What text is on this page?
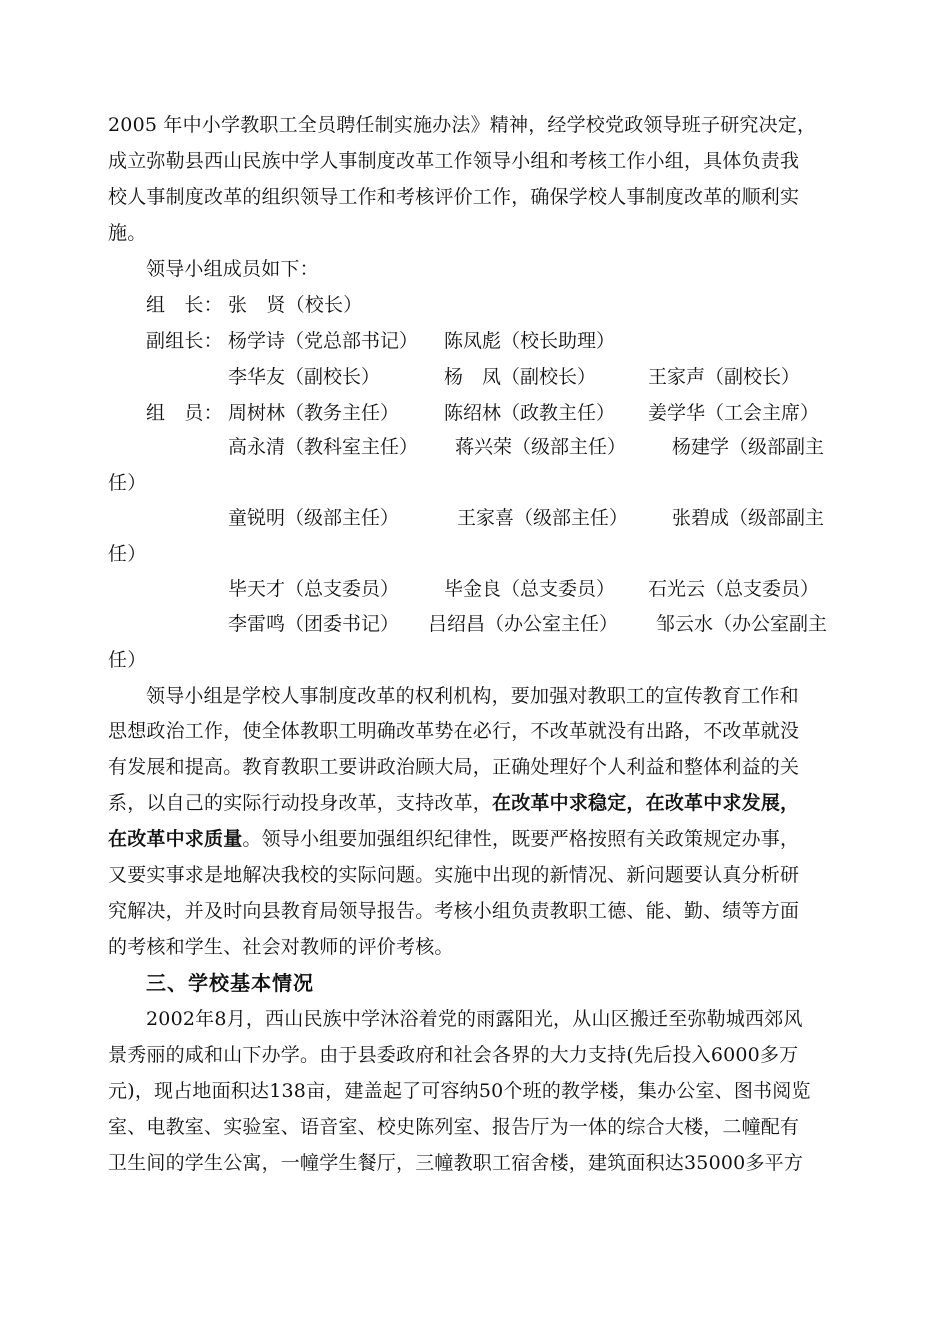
2005 年中小学教职工全员聘任制实施办法》精神，经学校党政领导班子研究决定，
成立弥勒县西山民族中学人事制度改革工作领导小组和考核工作小组，具体负责我
校人事制度改革的组织领导工作和考核评价工作，确保学校人事制度改革的顺利实
施。
领导小组成员如下：
组　长： 张　贤（校长）
副组长： 杨学诗（党总部书记） 陈凤彪（校长助理）
李华友（副校长）	杨　凤（副校长）	王家声（副校长）
组　员： 周树林（教务主任） 陈绍林（政教主任） 姜学华（工会主席）
高永清（教科室主任） 蒋兴荣（级部主任） 杨建学（级部副主
任）
童锐明（级部主任）	王家喜（级部主任） 张碧成（级部副主
任）
毕天才（总支委员） 毕金良（总支委员） 石光云（总支委员）
李雷鸣（团委书记） 吕绍昌（办公室主任） 邹云水（办公室副主
任）
领导小组是学校人事制度改革的权利机构，要加强对教职工的宣传教育工作和
思想政治工作，使全体教职工明确改革势在必行，不改革就没有出路，不改革就没
有发展和提高。教育教职工要讲政治顾大局，正确处理好个人利益和整体利益的关
系，以自己的实际行动投身改革，支持改革，在改革中求稳定，在改革中求发展，
在改革中求质量。领导小组要加强组织纪律性，既要严格按照有关政策规定办事，
又要实事求是地解决我校的实际问题。实施中出现的新情况、新问题要认真分析研
究解决，并及时向县教育局领导报告。考核小组负责教职工德、能、勤、绩等方面
的考核和学生、社会对教师的评价考核。
三、学校基本情况
2002年8月，西山民族中学沐浴着党的雨露阳光，从山区搬迁至弥勒城西郊风
景秀丽的咸和山下办学。由于县委政府和社会各界的大力支持(先后投入6000多万
元)，现占地面积达138亩，建盖起了可容纳50个班的教学楼，集办公室、图书阅览
室、电教室、实验室、语音室、校史陈列室、报告厅为一体的综合大楼，二幢配有
卫生间的学生公寓，一幢学生餐厅，三幢教职工宿舍楼，建筑面积达35000多平方
